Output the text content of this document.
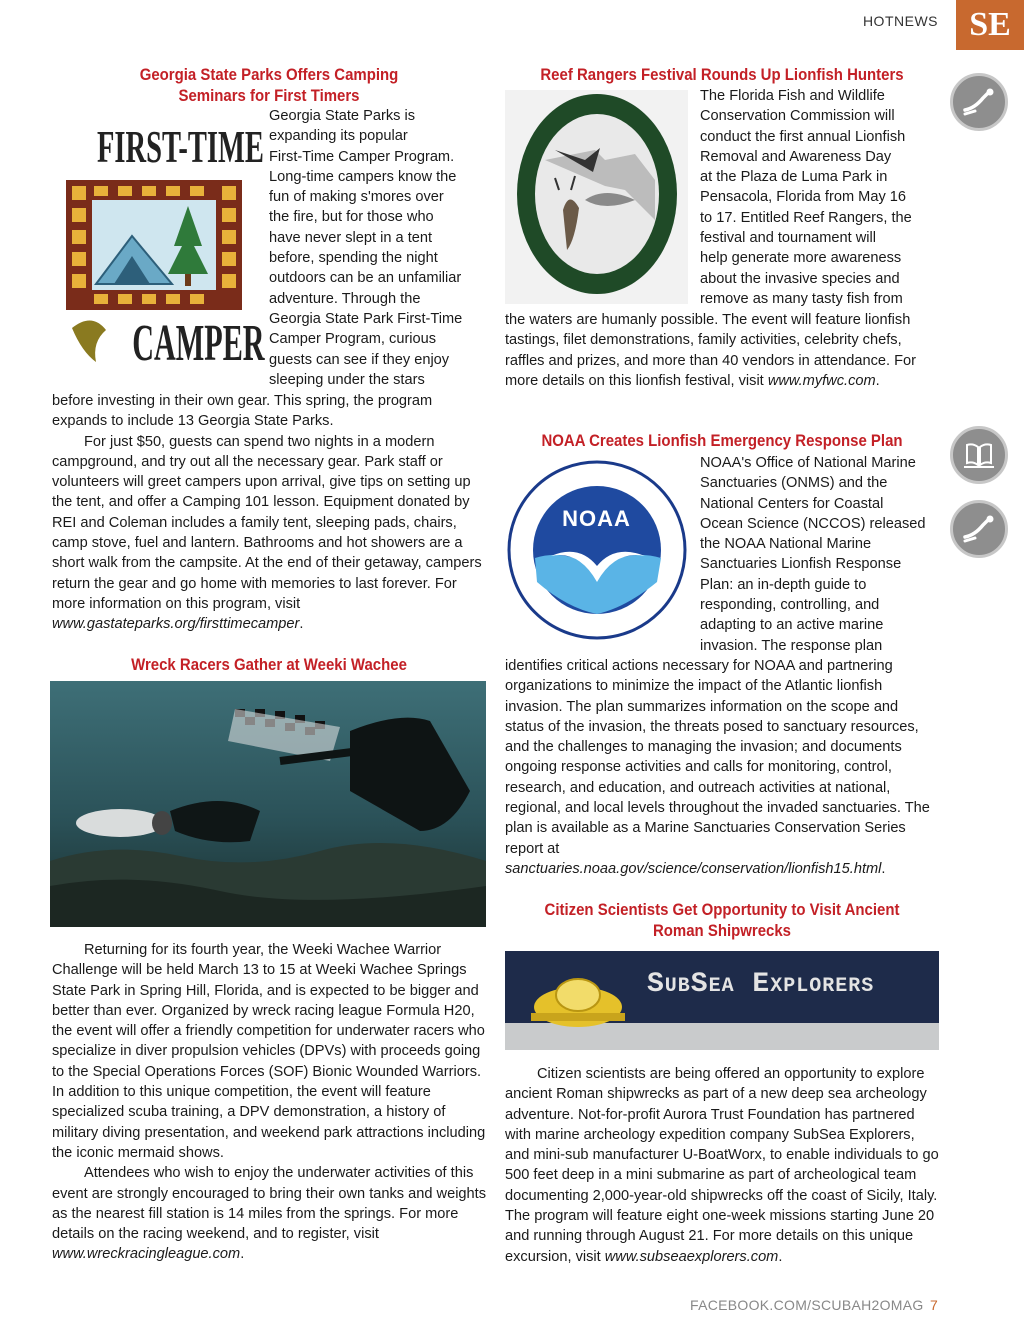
HOTNEWS SE
Georgia State Parks Offers Camping
Seminars for First Timers
FIRST-TIME
CAMPER
Georgia State Parks is
expanding its popular
First-Time Camper Program.
Long-time campers know the
fun of making s'mores over
the fire, but for those who
have never slept in a tent
before, spending the night
outdoors can be an unfamiliar
adventure. Through the
Georgia State Park First-Time
Camper Program, curious
guests can see if they enjoy
sleeping under the stars

before investing in their own gear. This spring, the program expands to include 13 Georgia State Parks.

For just $50, guests can spend two nights in a modern campground, and try out all the necessary gear. Park staff or volunteers will greet campers upon arrival, give tips on setting up the tent, and offer a Camping 101 lesson. Equipment donated by REI and Coleman includes a family tent, sleeping pads, chairs, camp stove, fuel and lantern. Bathrooms and hot showers are a short walk from the campsite. At the end of their getaway, campers return the gear and go home with memories to last forever. For more information on this program, visit www.gastateparks.org/firsttimecamper.

Wreck Racers Gather at Weeki Wachee

Returning for its fourth year, the Weeki Wachee Warrior Challenge will be held March 13 to 15 at Weeki Wachee Springs State Park in Spring Hill, Florida, and is expected to be bigger and better than ever. Organized by wreck racing league Formula H20, the event will offer a friendly competition for underwater racers who specialize in diver propulsion vehicles (DPVs) with proceeds going to the Special Operations Forces (SOF) Bionic Wounded Warriors. In addition to this unique competition, the event will feature specialized scuba training, a DPV demonstration, a history of military diving presentation, and weekend park attractions including the iconic mermaid shows.

Attendees who wish to enjoy the underwater activities of this event are strongly encouraged to bring their own tanks and weights as the nearest fill station is 14 miles from the springs. For more details on the racing weekend, and to register, visit www.wreckracingleague.com.

Reef Rangers Festival Rounds Up Lionfish Hunters
The Florida Fish and Wildlife
Conservation Commission will
conduct the first annual Lionfish
Removal and Awareness Day
at the Plaza de Luma Park in
Pensacola, Florida from May 16
to 17. Entitled Reef Rangers, the
festival and tournament will
help generate more awareness
about the invasive species and
remove as many tasty fish from

the waters are humanly possible. The event will feature lionfish tastings, filet demonstrations, family activities, celebrity chefs, raffles and prizes, and more than 40 vendors in attendance. For more details on this lionfish festival, visit www.myfwc.com.

NOAA Creates Lionfish Emergency Response Plan
NOAA
NOAA's Office of National Marine
Sanctuaries (ONMS) and the
National Centers for Coastal
Ocean Science (NCCOS) released
the NOAA National Marine
Sanctuaries Lionfish Response
Plan: an in-depth guide to
responding, controlling, and
adapting to an active marine
invasion. The response plan

identifies critical actions necessary for NOAA and partnering organizations to minimize the impact of the Atlantic lionfish invasion. The plan summarizes information on the scope and status of the invasion, the threats posed to sanctuary resources, and the challenges to managing the invasion; and documents ongoing response activities and calls for monitoring, control, research, and education, and outreach activities at national, regional, and local levels throughout the invaded sanctuaries. The plan is available as a Marine Sanctuaries Conservation Series report at sanctuaries.noaa.gov/science/conservation/lionfish15.html.

Citizen Scientists Get Opportunity to Visit Ancient
Roman Shipwrecks
SubSea Explorers

Citizen scientists are being offered an opportunity to explore ancient Roman shipwrecks as part of a new deep sea archeology adventure. Not-for-profit Aurora Trust Foundation has partnered with marine archeology expedition company SubSea Explorers, and mini-sub manufacturer U-BoatWorx, to enable individuals to go 500 feet deep in a mini submarine as part of archeological team documenting 2,000-year-old shipwrecks off the coast of Sicily, Italy. The program will feature eight one-week missions starting June 20 and running through August 21. For more details on this unique excursion, visit www.subseaexplorers.com.

FACEBOOK.COM/SCUBAH2OMAG 7
